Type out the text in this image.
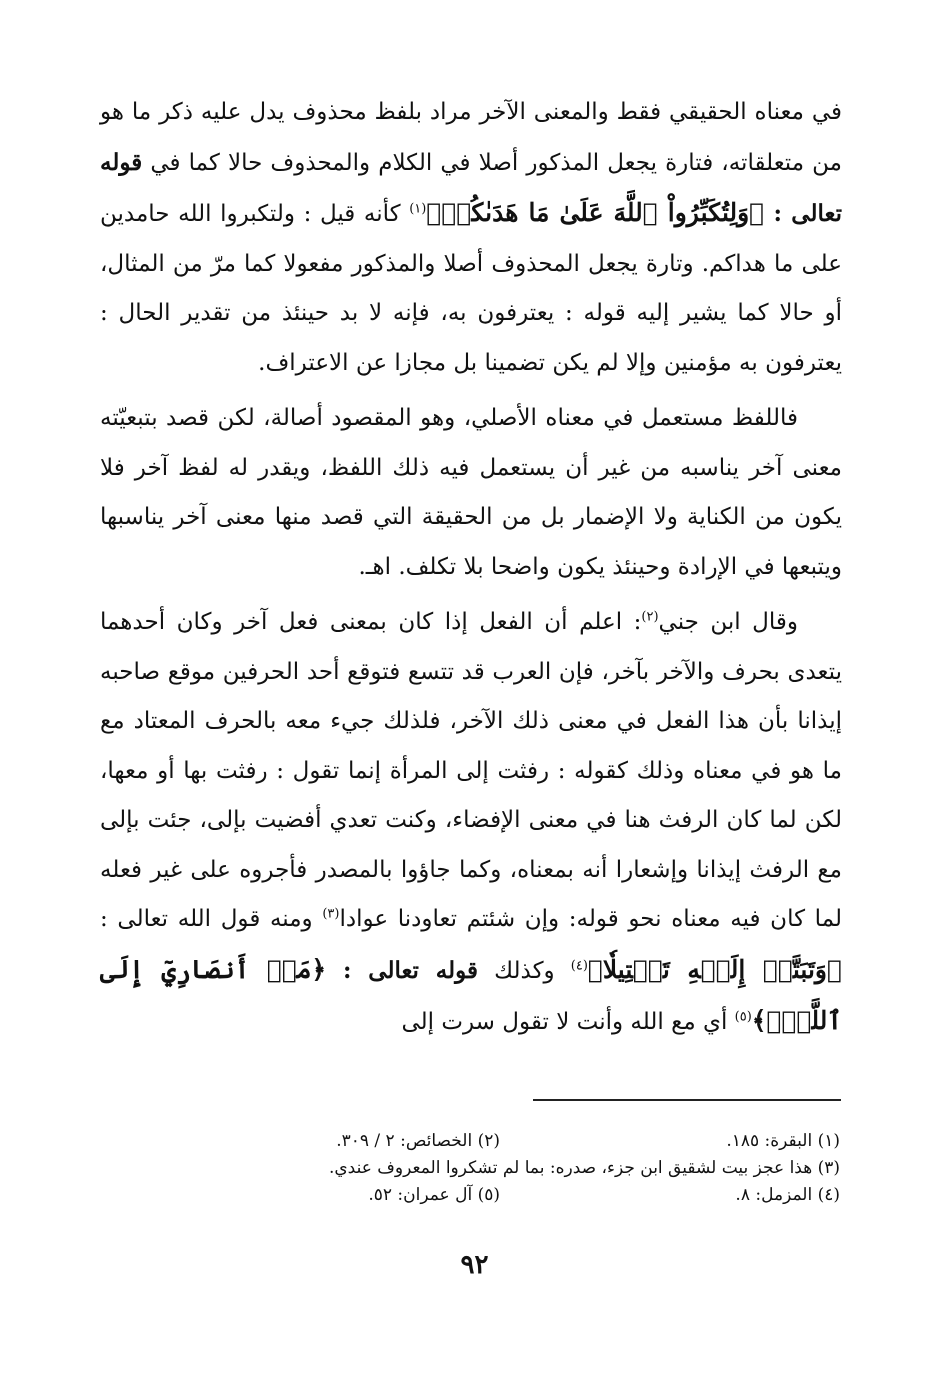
في معناه الحقيقي فقط والمعنى الآخر مراد بلفظ محذوف يدل عليه ذكر ما هو من متعلقاته، فتارة يجعل المذكور أصلا في الكلام والمحذوف حالا كما في قوله تعالى : ﴿وَلِتُكَبِّرُواْ ٱللَّهَ عَلَىٰ مَا هَدَىٰكُمۡ﴾$^{(١)}$ كأنه قيل : ولتكبروا الله حامدين على ما هداكم. وتارة يجعل المحذوف أصلا والمذكور مفعولا كما مرّ من المثال، أو حالا كما يشير إليه قوله : يعترفون به، فإنه لا بد حينئذ من تقدير الحال : يعترفون به مؤمنين وإلا لم يكن تضمينا بل مجازا عن الاعتراف.

فاللفظ مستعمل في معناه الأصلي، وهو المقصود أصالة، لكن قصد بتبعيّته معنى آخر يناسبه من غير أن يستعمل فيه ذلك اللفظ، ويقدر له لفظ آخر فلا يكون من الكناية ولا الإضمار بل من الحقيقة التي قصد منها معنى آخر يناسبها ويتبعها في الإرادة وحينئذ يكون واضحا بلا تكلف. اهـ.

وقال ابن جني$^{(٢)}$: اعلم أن الفعل إذا كان بمعنى فعل آخر وكان أحدهما يتعدى بحرف والآخر بآخر، فإن العرب قد تتسع فتوقع أحد الحرفين موقع صاحبه إيذانا بأن هذا الفعل في معنى ذلك الآخر، فلذلك جيء معه بالحرف المعتاد مع ما هو في معناه وذلك كقوله : رفثت إلى المرأة إنما تقول : رفثت بها أو معها، لكن لما كان الرفث هنا في معنى الإفضاء، وكنت تعدي أفضيت بإلى، جئت بإلى مع الرفث إيذانا وإشعارا أنه بمعناه، وكما جاؤوا بالمصدر فأجروه على غير فعله لما كان فيه معناه نحو قوله: وإن شئتم تعاودنا عوادا$^{(٣)}$ ومنه قول الله تعالى : ﴿وَتَبَتَّلۡ إِلَيۡهِ تَبۡتِيلٗا﴾$^{(٤)}$ وكذلك قوله تعالى : ﴿مَنۡ أَنصَارِيٓ إِلَى ٱللَّهِۖ﴾$^{(٥)}$ أي مع الله وأنت لا تقول سرت إلى

(١) البقرة: ١٨٥.
(٢) الخصائص: ٢ / ٣٠٩.
(٣) هذا عجز بيت لشقيق ابن جزء، صدره: بما لم تشكروا المعروف عندي.
(٤) المزمل: ٨.
(٥) آل عمران: ٥٢.
٩٢
